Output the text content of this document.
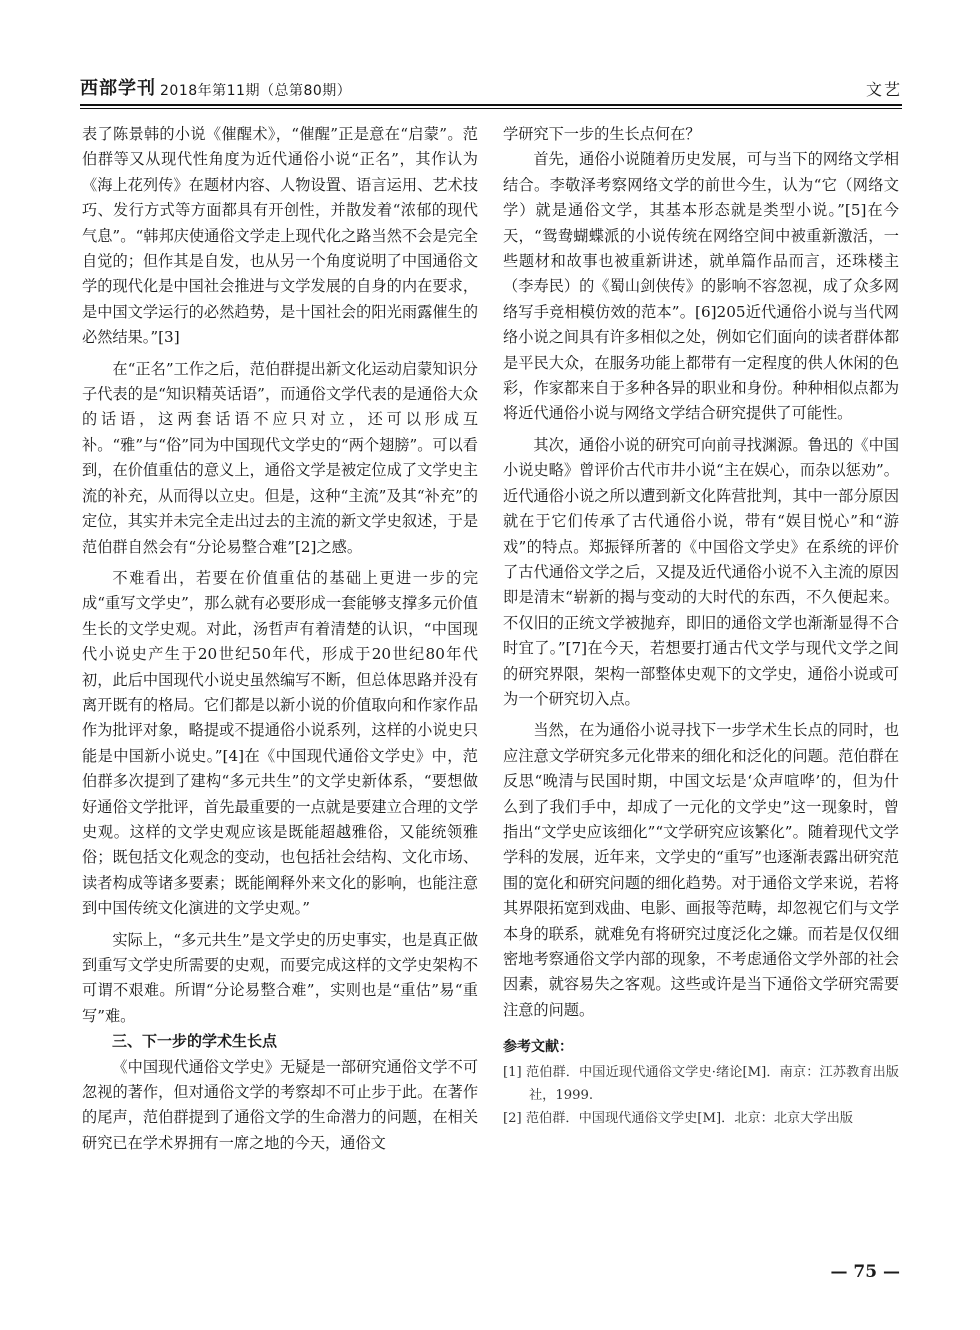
西部学刊 2018年第11期（总第80期）	文艺

表了陈景韩的小说《催醒术》，“催醒”正是意在“启蒙”。范伯群等又从现代性角度为近代通俗小说“正名”，其作认为《海上花列传》在题材内容、人物设置、语言运用、艺术技巧、发行方式等方面都具有开创性，并散发着“浓郁的现代气息”。“韩邦庆使通俗文学走上现代化之路当然不会是完全自觉的；但作其是自发，也从另一个角度说明了中国通俗文学的现代化是中国社会推进与文学发展的自身的内在要求，是中国文学运行的必然趋势，是十国社会的阳光雨露催生的必然结果。”[3]

在“正名”工作之后，范伯群提出新文化运动启蒙知识分子代表的是“知识精英话语”，而通俗文学代表的是通俗大众的话语，这两套话语不应只对立，还可以形成互补。“雅”与“俗”同为中国现代文学史的“两个翅膀”。可以看到，在价值重估的意义上，通俗文学是被定位成了文学史主流的补充，从而得以立史。但是，这种“主流”及其“补充”的定位，其实并未完全走出过去的主流的新文学史叙述，于是范伯群自然会有“分论易整合难”[2]之感。

不难看出，若要在价值重估的基础上更进一步的完成“重写文学史”，那么就有必要形成一套能够支撑多元价值生长的文学史观。对此，汤哲声有着清楚的认识，“中国现代小说史产生于20世纪50年代，形成于20世纪80年代初，此后中国现代小说史虽然编写不断，但总体思路并没有离开既有的格局。它们都是以新小说的价值取向和作家作品作为批评对象，略提或不提通俗小说系列，这样的小说史只能是中国新小说史。”[4]在《中国现代通俗文学史》中，范伯群多次提到了建构“多元共生”的文学史新体系，“要想做好通俗文学批评，首先最重要的一点就是要建立合理的文学史观。这样的文学史观应该是既能超越雅俗，又能统领雅俗；既包括文化观念的变动，也包括社会结构、文化市场、读者构成等诸多要素；既能阐释外来文化的影响，也能注意到中国传统文化演进的文学史观。”

实际上，“多元共生”是文学史的历史事实，也是真正做到重写文学史所需要的史观，而要完成这样的文学史架构不可谓不艰难。所谓“分论易整合难”，实则也是“重估”易“重写”难。

三、下一步的学术生长点

《中国现代通俗文学史》无疑是一部研究通俗文学不可忽视的著作，但对通俗文学的考察却不可止步于此。在著作的尾声，范伯群提到了通俗文学的生命潜力的问题，在相关研究已在学术界拥有一席之地的今天，通俗文

学研究下一步的生长点何在？

首先，通俗小说随着历史发展，可与当下的网络文学相结合。李敬泽考察网络文学的前世今生，认为“它（网络文学）就是通俗文学，其基本形态就是类型小说。”[5]在今天，“鸳鸯蝴蝶派的小说传统在网络空间中被重新激活，一些题材和故事也被重新讲述，就单篇作品而言，还珠楼主（李寿民）的《蜀山剑侠传》的影响不容忽视，成了众多网络写手竞相模仿效的范本”。[6]205近代通俗小说与当代网络小说之间具有许多相似之处，例如它们面向的读者群体都是平民大众，在服务功能上都带有一定程度的供人休闲的色彩，作家都来自于多种各异的职业和身份。种种相似点都为将近代通俗小说与网络文学结合研究提供了可能性。

其次，通俗小说的研究可向前寻找渊源。鲁迅的《中国小说史略》曾评价古代市井小说“主在娱心，而杂以惩劝”。近代通俗小说之所以遭到新文化阵营批判，其中一部分原因就在于它们传承了古代通俗小说，带有“娱目悦心”和“游戏”的特点。郑振铎所著的《中国俗文学史》在系统的评价了古代通俗文学之后，又提及近代通俗小说不入主流的原因即是清末“崭新的揭与变动的大时代的东西，不久便起来。不仅旧的正统文学被抛弃，即旧的通俗文学也渐渐显得不合时宜了。”[7]在今天，若想要打通古代文学与现代文学之间的研究界限，架构一部整体史观下的文学史，通俗小说或可为一个研究切入点。

当然，在为通俗小说寻找下一步学术生长点的同时，也应注意文学研究多元化带来的细化和泛化的问题。范伯群在反思“晚清与民国时期，中国文坛是‘众声喧哗’的，但为什么到了我们手中，却成了一元化的文学史”这一现象时，曾指出“文学史应该细化”“文学研究应该繁化”。随着现代文学学科的发展，近年来，文学史的“重写”也逐渐表露出研究范围的宽化和研究问题的细化趋势。对于通俗文学来说，若将其界限拓宽到戏曲、电影、画报等范畴，却忽视它们与文学本身的联系，就难免有将研究过度泛化之嫌。而若是仅仅细密地考察通俗文学内部的现象，不考虑通俗文学外部的社会因素，就容易失之客观。这些或许是当下通俗文学研究需要注意的问题。

参考文献：
[1] 范伯群．中国近现代通俗文学史·绪论[M]．南京：江苏教育出版社，1999.
[2] 范伯群．中国现代通俗文学史[M]．北京：北京大学出版
— 75 —
